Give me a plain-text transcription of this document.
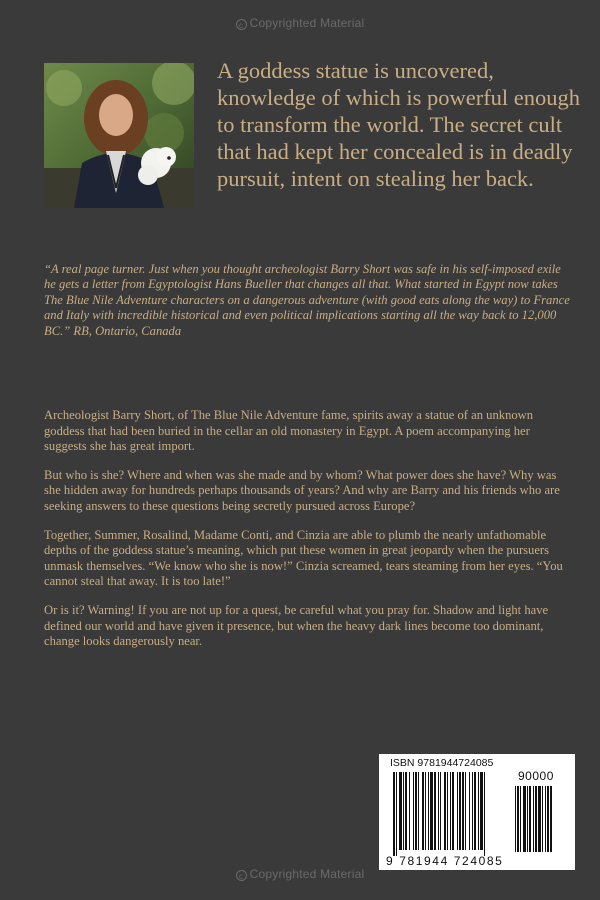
c Copyrighted Material

A goddess statue is uncovered, knowledge of which is powerful enough to transform the world. The secret cult that had kept her concealed is in deadly pursuit, intent on stealing her back.

“A real page turner. Just when you thought archeologist Barry Short was safe in his self-imposed exile he gets a letter from Egyptologist Hans Bueller that changes all that. What started in Egypt now takes The Blue Nile Adventure characters on a dangerous adventure (with good eats along the way) to France and Italy with incredible historical and even political implications starting all the way back to 12,000 BC.” RB, Ontario, Canada

Archeologist Barry Short, of The Blue Nile Adventure fame, spirits away a statue of an unknown goddess that had been buried in the cellar an old monastery in Egypt. A poem accompanying her suggests she has great import.

But who is she? Where and when was she made and by whom? What power does she have? Why was she hidden away for hundreds perhaps thousands of years? And why are Barry and his friends who are seeking answers to these questions being secretly pursued across Europe?

Together, Summer, Rosalind, Madame Conti, and Cinzia are able to plumb the nearly unfathomable depths of the goddess statue’s meaning, which put these women in great jeopardy when the pursuers unmask themselves. “We know who she is now!” Cinzia screamed, tears steaming from her eyes. “You cannot steal that away. It is too late!”

Or is it? Warning! If you are not up for a quest, be careful what you pray for. Shadow and light have defined our world and have given it presence, but when the heavy dark lines become too dominant, change looks dangerously near.

ISBN 9781944724085
90000
9 781944 724085
c Copyrighted Material
